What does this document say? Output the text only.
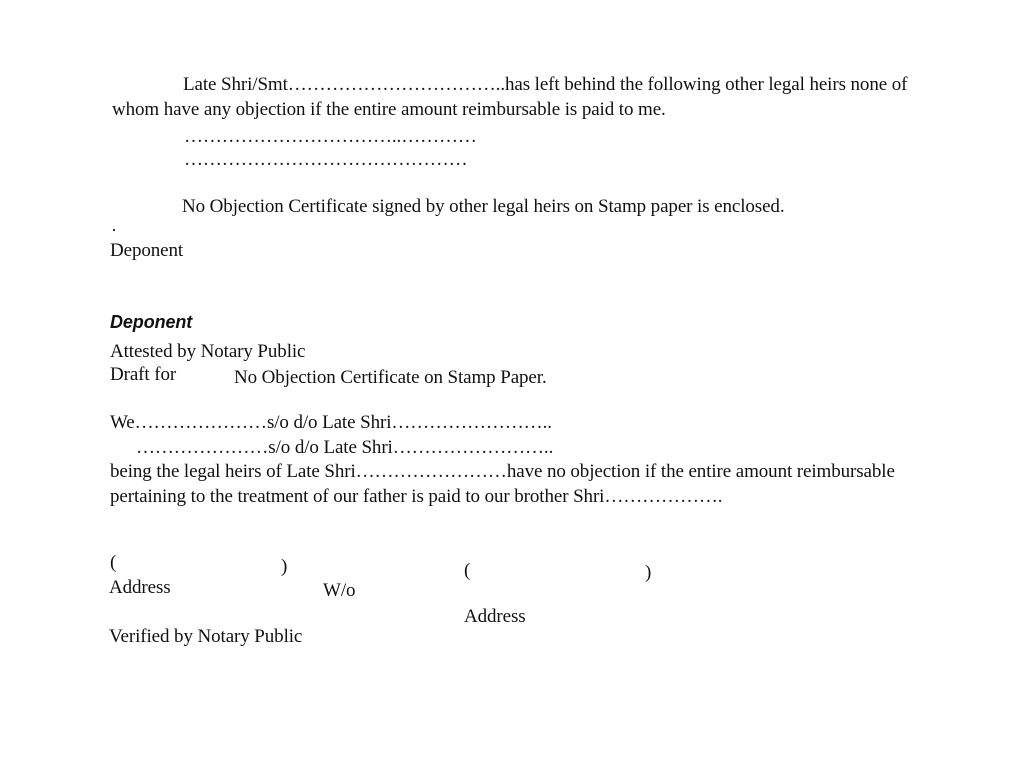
Late Shri/Smt……………………………..has left behind the following other legal heirs none of
whom have any objection if the entire amount reimbursable is paid to me.
……………………………..…………
………………………………………
No Objection Certificate signed by other legal heirs on Stamp paper is enclosed.
Deponent
Deponent
Attested by Notary Public
Draft for	No Objection Certificate on Stamp Paper.
We…………………s/o d/o Late Shri……………………..
…………………s/o d/o Late Shri……………………..
being the legal heirs of Late Shri……………………have no objection if the entire amount reimbursable
pertaining to the treatment of our father is paid to our brother Shri……………….
(	)	(	)
Address	W/o
Address
Verified by Notary Public
